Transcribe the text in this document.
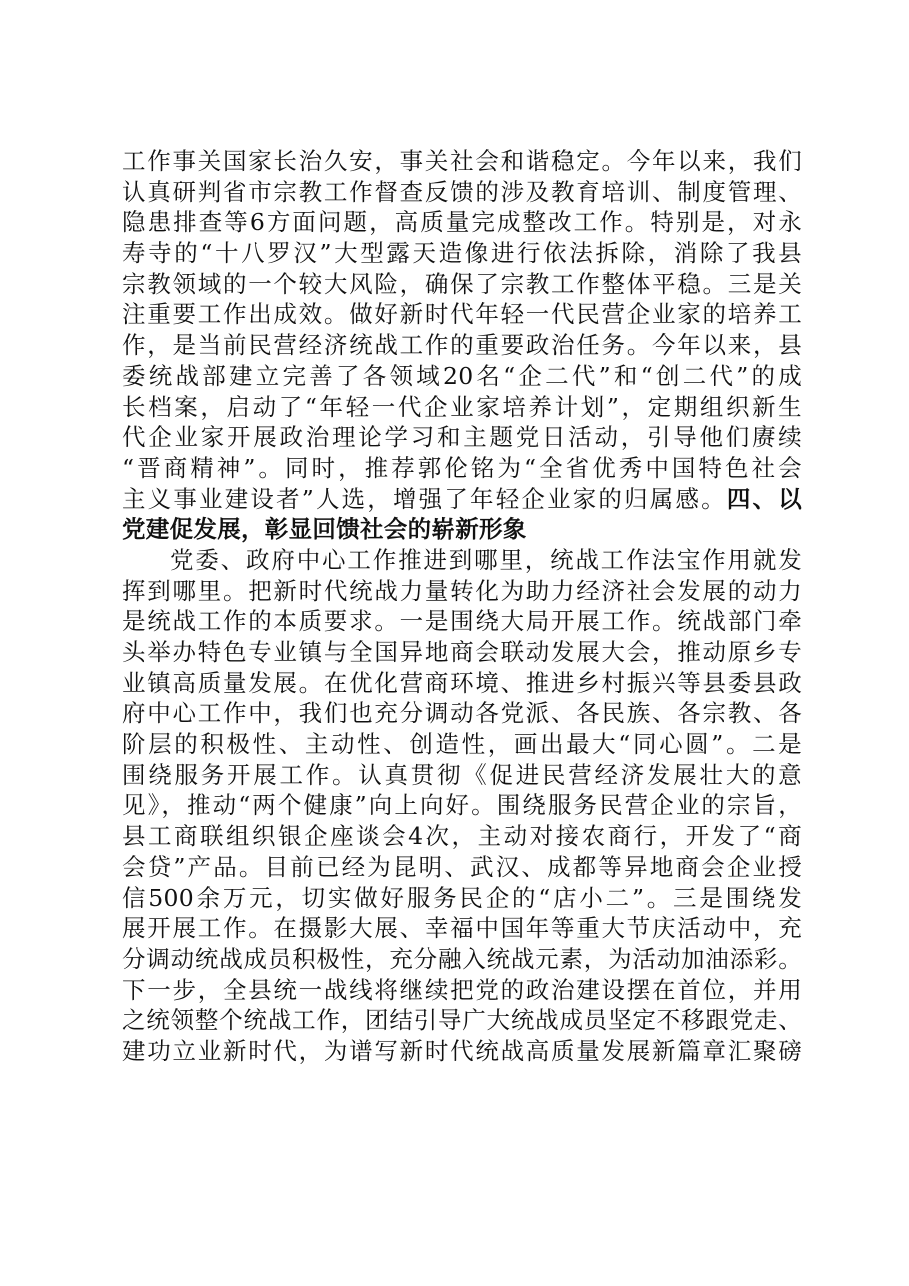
工作事关国家长治久安，事关社会和谐稳定。今年以来，我们
认真研判省市宗教工作督查反馈的涉及教育培训、制度管理、
隐患排查等6方面问题，高质量完成整改工作。特别是，对永
寿寺的“十八罗汉”大型露天造像进行依法拆除，消除了我县
宗教领域的一个较大风险，确保了宗教工作整体平稳。三是关
注重要工作出成效。做好新时代年轻一代民营企业家的培养工
作，是当前民营经济统战工作的重要政治任务。今年以来，县
委统战部建立完善了各领域20名“企二代”和“创二代”的成
长档案，启动了“年轻一代企业家培养计划”，定期组织新生
代企业家开展政治理论学习和主题党日活动，引导他们赓续
“晋商精神”。同时，推荐郭伦铭为“全省优秀中国特色社会
主义事业建设者”人选，增强了年轻企业家的归属感。四、以
党建促发展，彰显回馈社会的崭新形象
党委、政府中心工作推进到哪里，统战工作法宝作用就发
挥到哪里。把新时代统战力量转化为助力经济社会发展的动力
是统战工作的本质要求。一是围绕大局开展工作。统战部门牵
头举办特色专业镇与全国异地商会联动发展大会，推动原乡专
业镇高质量发展。在优化营商环境、推进乡村振兴等县委县政
府中心工作中，我们也充分调动各党派、各民族、各宗教、各
阶层的积极性、主动性、创造性，画出最大“同心圆”。二是
围绕服务开展工作。认真贯彻《促进民营经济发展壮大的意
见》，推动“两个健康”向上向好。围绕服务民营企业的宗旨，
县工商联组织银企座谈会4次，主动对接农商行，开发了“商
会贷”产品。目前已经为昆明、武汉、成都等异地商会企业授
信500余万元，切实做好服务民企的“店小二”。三是围绕发
展开展工作。在摄影大展、幸福中国年等重大节庆活动中，充
分调动统战成员积极性，充分融入统战元素，为活动加油添彩。
下一步，全县统一战线将继续把党的政治建设摆在首位，并用
之统领整个统战工作，团结引导广大统战成员坚定不移跟党走、
建功立业新时代，为谱写新时代统战高质量发展新篇章汇聚磅
